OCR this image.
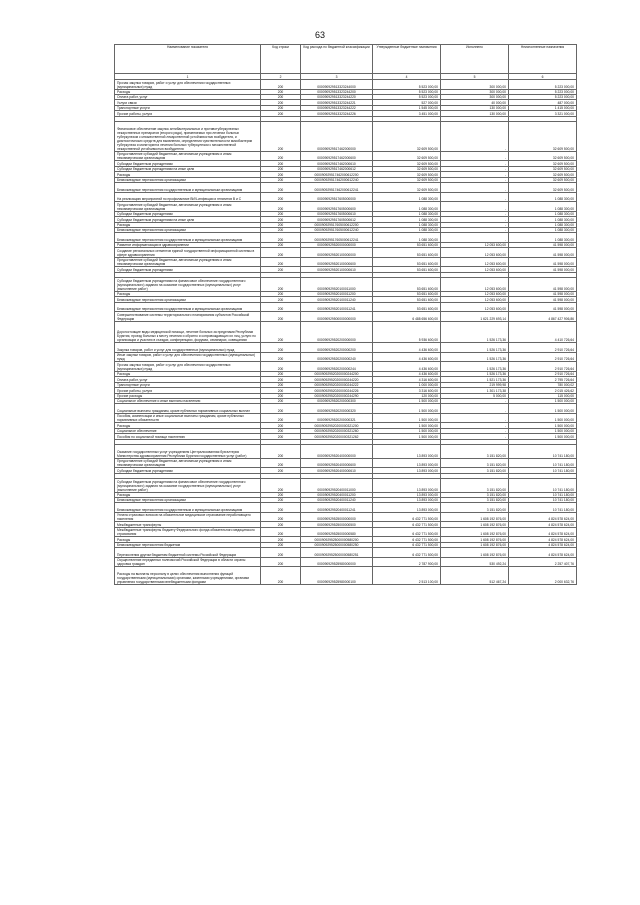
63
Наименование показателя	Код строки	Код расхода по бюджетной классификации	Утвержденные бюджетные назначения	Исполнено	Неисполненные назначения
1	2	3	4	5	6
Прочая закупка товаров, работ и услуг для обеспечения государственных (муниципальных) нужд	200	000090929513323244000	5 523 000,00	300 000,00	5 223 000,00
Расходы	200	000090929513323244200	5 523 000,00	300 000,00	5 223 000,00
Оплата работ, услуг	200	000090929513323244220	5 523 000,00	300 000,00	5 223 000,00
Услуги связи	200	000090929513323244221	527 000,00	40 000,00	487 000,00
Транспортные услуги	200	000090929513323244222	1 545 000,00	130 000,00	1 415 000,00
Прочие работы, услуги	200	000090929513323244226	3 451 000,00	130 000,00	3 321 000,00

Финансовое обеспечение закупок антибактериальных и противотуберкулезных лекарственных препаратов (второго ряда), применяемых при лечении больных туберкулезом с множественной лекарственной устойчивостью возбудителя, и диагностических средств для выявления, определения чувствительности микобактерии туберкулеза и мониторинга лечения больных туберкулезом с множественной лекарственной устойчивостью возбудителя	200	000090929517462000000	32 609 500,00	-	32 609 500,00
Предоставление субсидий бюджетным, автономным учреждениям и иным некоммерческим организациям	200	000090929517462000600	32 609 500,00	-	32 609 500,00
Субсидии бюджетным учреждениям	200	000090929517462000610	32 609 500,00	-	32 609 500,00
Субсидии бюджетным учреждениям на иные цели	200	000090929517462000612	32 609 500,00	-	32 609 500,00
Расходы	200	000090929517462000612200	32 609 500,00	-	32 609 500,00
Безвозмездные перечисления организациям	200	000090929517462000612240	32 609 500,00	-	32 609 500,00
Безвозмездные перечисления государственным и муниципальным организациям	200	000090929517462000612241	32 609 500,00	-	32 609 500,00
На реализацию мероприятий по профилактике ВИЧ-инфекции и гепатитов В и С	200	000090929517605000000	1 088 300,00	-	1 088 300,00
Предоставление субсидий бюджетным, автономным учреждениям и иным некоммерческим организациям	200	000090929517605000600	1 088 300,00	-	1 088 300,00
Субсидии бюджетным учреждениям	200	000090929517605000610	1 088 300,00	-	1 088 300,00
Субсидии бюджетным учреждениям на иные цели	200	000090929517605000612	1 088 300,00	-	1 088 300,00
Расходы	200	000090929517605000612200	1 088 300,00	-	1 088 300,00
Безвозмездные перечисления организациям	200	000090929517605000612240	1 088 300,00	-	1 088 300,00
Безвозмездные перечисления государственным и муниципальным организациям	200	000090929517605000612241	1 088 300,00	-	1 088 300,00
Развитие информатизации в здравоохранении	200	000090929520000000000	53 651 600,00	12 053 600,00	41 598 000,00
Создание региональных сегментов единой государственной информационной системы в сфере здравоохранения	200	000090929520100000000	53 651 600,00	12 053 600,00	41 598 000,00
Предоставление субсидий бюджетным, автономным учреждениям и иным некоммерческим организациям	200	000090929520100000600	53 651 600,00	12 053 600,00	41 598 000,00
Субсидии бюджетным учреждениям	200	000090929520100000610	53 651 600,00	12 053 600,00	41 598 000,00

Субсидии бюджетным учреждениям на финансовое обеспечение государственного (муниципального) задания на оказание государственных (муниципальных) услуг (выполнение работ)	200	000090929520100011000	53 651 600,00	12 053 600,00	41 598 000,00
Расходы	200	000090929520100011200	53 651 600,00	12 053 600,00	41 598 000,00
Безвозмездные перечисления организациям	200	000090929520100011240	53 651 600,00	12 053 600,00	41 598 000,00
Безвозмездные перечисления государственным и муниципальным организациям	200	000090929520100011241	53 651 600,00	12 053 600,00	41 598 000,00
Совершенствование системы территориального планирования субъектов Российской Федерации	200	000090929500000000000	6 488 656 600,00	1 621 229 693,14	4 867 427 906,86
Дорогостоящие виды медицинской помощи, лечение больных за пределами Республики Бурятия, проезд больных к месту лечения и обратно и сопровождающих их лиц, услуги по организации и участию в съездах, конференциях, форумах, семинарах, совещаниях	200	000090929520200000000	5 936 600,00	1 526 173,36	4 410 726,64
Закупка товаров, работ и услуг для государственных (муниципальных) нужд	200	000090929520200000200	4 436 600,00	1 526 173,36	2 910 726,64
Иные закупки товаров, работ и услуг для обеспечения государственных (муниципальных) нужд	200	000090929520200000240	4 436 600,00	1 526 173,36	2 910 726,64
Прочая закупка товаров, работ и услуг для обеспечения государственных (муниципальных) нужд	200	000090929520200000244	4 436 600,00	1 526 173,36	2 910 726,64
Расходы	200	000090929520200000244200	4 436 600,00	1 526 173,36	2 910 726,64
Оплата работ, услуг	200	000090929520200000244220	4 316 600,00	1 521 173,36	2 795 726,64
Транспортные услуги	200	000090929520200000244222	1 000 000,00	219 999,98	780 000,02
Прочие работы, услуги	200	000090929520200000244226	3 316 600,00	1 301 173,38	2 015 426,62
Прочие расходы	200	000090929520200000244290	120 000,00	5 000,00	115 000,00
Социальное обеспечение и иные выплаты населению	200	000090929520200000300	1 500 000,00	-	1 500 000,00
Социальные выплаты гражданам, кроме публичных нормативных социальных выплат	200	000090929520200000320	1 500 000,00	-	1 500 000,00
Пособия, компенсации и иные социальные выплаты гражданам, кроме публичных нормативных обязательств	200	000090929520200000321	1 500 000,00	-	1 500 000,00
Расходы	200	000090929520200000321200	1 500 000,00	-	1 500 000,00
Социальное обеспечение	200	000090929520200000321260	1 500 000,00	-	1 500 000,00
Пособия по социальной помощи населению	200	000090929520200000321262	1 500 000,00	-	1 500 000,00

Оказание государственных услуг учреждением Централизованная бухгалтерия Министерства здравоохранения Республики Бурятия государственных услуг (работ)	200	000090929520400000000	13 893 000,00	3 151 820,00	10 741 180,00
Предоставление субсидий бюджетным, автономным учреждениям и иным некоммерческим организациям	200	000090929520400000600	13 893 000,00	3 151 820,00	10 741 180,00
Субсидии бюджетным учреждениям	200	000090929520400000610	13 893 000,00	3 151 820,00	10 741 180,00

Субсидии бюджетным учреждениям на финансовое обеспечение государственного (муниципального) задания на оказание государственных (муниципальных) услуг (выполнение работ)	200	000090929520400011000	13 893 000,00	3 151 820,00	10 741 180,00
Расходы	200	000090929520400011200	13 893 000,00	3 151 820,00	10 741 180,00
Безвозмездные перечисления организациям	200	000090929520400011240	13 893 000,00	3 151 820,00	10 741 180,00
Безвозмездные перечисления государственным и муниципальным организациям	200	000090929520400011241	13 893 000,00	3 151 820,00	10 741 180,00
Уплата страховых взносов на обязательное медицинское страхование неработающего населения	200	000090929525000000000	6 432 771 500,00	1 608 192 876,00	4 824 578 624,00
Межбюджетные трансферты	200	000090929525000000500	6 432 771 500,00	1 608 192 876,00	4 824 578 624,00
Межбюджетные трансферты бюджету Федерального фонда обязательного медицинского страхования	200	000090929525000000580	6 432 771 500,00	1 608 192 876,00	4 824 578 624,00
Расходы	200	000090929525000000580200	6 432 771 500,00	1 608 192 876,00	4 824 578 624,00
Безвозмездные перечисления бюджетам	200	000090929525000000580250	6 432 771 500,00	1 608 192 876,00	4 824 578 624,00
Перечисления другим бюджетам бюджетной системы Российской Федерации	200	000090929525000000580251	6 432 771 500,00	1 608 192 876,00	4 824 578 624,00
Осуществление переданных полномочий Российской Федерации в области охраны здоровья граждан	200	000090929525980000000	2 787 900,00	530 492,24	2 257 407,76
Расходы на выплаты персоналу в целях обеспечения выполнения функций государственными (муниципальными) органами, казенными учреждениями, органами управления государственными внебюджетными фондами	200	000090929525980000100	2 513 100,00	512 467,24	2 000 632,76
